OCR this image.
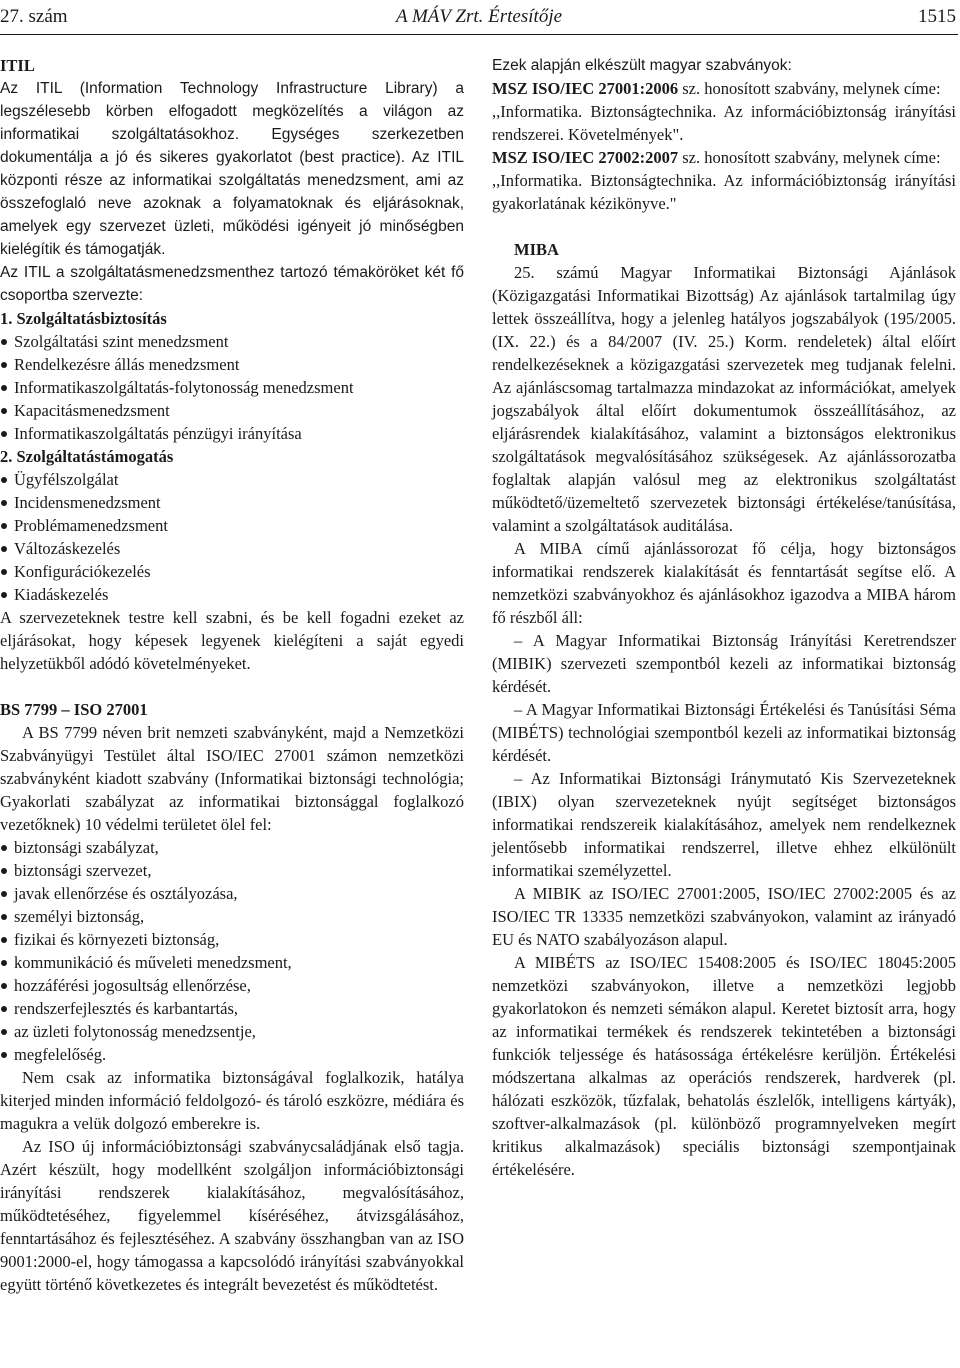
27. szám	A MÁV Zrt. Értesítője	1515

ITIL

Az ITIL (Information Technology Infrastructure Library) a legszélesebb körben elfogadott megközelítés a világon az informatikai szolgáltatásokhoz. Egységes szerkezetben dokumentálja a jó és sikeres gyakorlatot (best practice). Az ITIL központi része az informatikai szolgáltatás menedzsment, ami az összefoglaló neve azoknak a folyamatoknak és eljárásoknak, amelyek egy szervezet üzleti, működési igényeit jó minőségben kielégítik és támogatják.

Az ITIL a szolgáltatásmenedzsmenthez tartozó témaköröket két fő csoportba szervezte:

1. Szolgáltatásbiztosítás

Szolgáltatási szint menedzsment
Rendelkezésre állás menedzsment
Informatikaszolgáltatás-folytonosság menedzsment
Kapacitásmenedzsment
Informatikaszolgáltatás pénzügyi irányítása

2. Szolgáltatástámogatás

Ügyfélszolgálat
Incidensmenedzsment
Problémamenedzsment
Változáskezelés
Konfigurációkezelés
Kiadáskezelés

A szervezeteknek testre kell szabni, és be kell fogadni ezeket az eljárásokat, hogy képesek legyenek kielégíteni a saját egyedi helyzetükből adódó követelményeket.

BS 7799 – ISO 27001

A BS 7799 néven brit nemzeti szabványként, majd a Nemzetközi Szabványügyi Testület által ISO/IEC 27001 számon nemzetközi szabványként kiadott szabvány (Informatikai biztonsági technológia; Gyakorlati szabályzat az informatikai biztonsággal foglalkozó vezetőknek) 10 védelmi területet ölel fel:

biztonsági szabályzat,
biztonsági szervezet,
javak ellenőrzése és osztályozása,
személyi biztonság,
fizikai és környezeti biztonság,
kommunikáció és műveleti menedzsment,
hozzáférési jogosultság ellenőrzése,
rendszerfejlesztés és karbantartás,
az üzleti folytonosság menedzsentje,
megfelelőség.

Nem csak az informatika biztonságával foglalkozik, hatálya kiterjed minden információ feldolgozó- és tároló eszközre, médiára és magukra a velük dolgozó emberekre is.

Az ISO új információbiztonsági szabványcsaládjának első tagja. Azért készült, hogy modellként szolgáljon információbiztonsági irányítási rendszerek kialakításához, megvalósításához, működtetéséhez, figyelemmel kíséréséhez, átvizsgálásához, fenntartásához és fejlesztéséhez. A szabvány összhangban van az ISO 9001:2000-el, hogy támogassa a kapcsolódó irányítási szabványokkal együtt történő következetes és integrált bevezetést és működtetést.

Ezek alapján elkészült magyar szabványok:

MSZ ISO/IEC 27001:2006 sz. honosított szabvány, melynek címe:

,,Informatika. Biztonságtechnika. Az információbiztonság irányítási rendszerei. Követelmények".

MSZ ISO/IEC 27002:2007 sz. honosított szabvány, melynek címe:

,,Informatika. Biztonságtechnika. Az információbiztonság irányítási gyakorlatának kézikönyve."

MIBA

25. számú Magyar Informatikai Biztonsági Ajánlások (Közigazgatási Informatikai Bizottság) Az ajánlások tartalmilag úgy lettek összeállítva, hogy a jelenleg hatályos jogszabályok (195/2005. (IX. 22.) és a 84/2007 (IV. 25.) Korm. rendeletek) által előírt rendelkezéseknek a közigazgatási szervezetek meg tudjanak felelni. Az ajánláscsomag tartalmazza mindazokat az információkat, amelyek jogszabályok által előírt dokumentumok összeállításához, az eljárásrendek kialakításához, valamint a biztonságos elektronikus szolgáltatások megvalósításához szükségesek. Az ajánlássorozatba foglaltak alapján valósul meg az elektronikus szolgáltatást működtető/üzemeltető szervezetek biztonsági értékelése/tanúsítása, valamint a szolgáltatások auditálása.

A MIBA című ajánlássorozat fő célja, hogy biztonságos informatikai rendszerek kialakítását és fenntartását segítse elő. A nemzetközi szabványokhoz és ajánlásokhoz igazodva a MIBA három fő részből áll:

– A Magyar Informatikai Biztonság Irányítási Keretrendszer (MIBIK) szervezeti szempontból kezeli az informatikai biztonság kérdését.

– A Magyar Informatikai Biztonsági Értékelési és Tanúsítási Séma (MIBÉTS) technológiai szempontból kezeli az informatikai biztonság kérdését.

– Az Informatikai Biztonsági Iránymutató Kis Szervezeteknek (IBIX) olyan szervezeteknek nyújt segítséget biztonságos informatikai rendszereik kialakításához, amelyek nem rendelkeznek jelentősebb informatikai rendszerrel, illetve ehhez elkülönült informatikai személyzettel.

A MIBIK az ISO/IEC 27001:2005, ISO/IEC 27002:2005 és az ISO/IEC TR 13335 nemzetközi szabványokon, valamint az irányadó EU és NATO szabályozáson alapul.

A MIBÉTS az ISO/IEC 15408:2005 és ISO/IEC 18045:2005 nemzetközi szabványokon, illetve a nemzetközi legjobb gyakorlatokon és nemzeti sémákon alapul. Keretet biztosít arra, hogy az informatikai termékek és rendszerek tekintetében a biztonsági funkciók teljessége és hatásossága értékelésre kerüljön. Értékelési módszertana alkalmas az operációs rendszerek, hardverek (pl. hálózati eszközök, tűzfalak, behatolás észlelők, intelligens kártyák), szoftver-alkalmazások (pl. különböző programnyelveken megírt kritikus alkalmazások) speciális biztonsági szempontjainak értékelésére.
